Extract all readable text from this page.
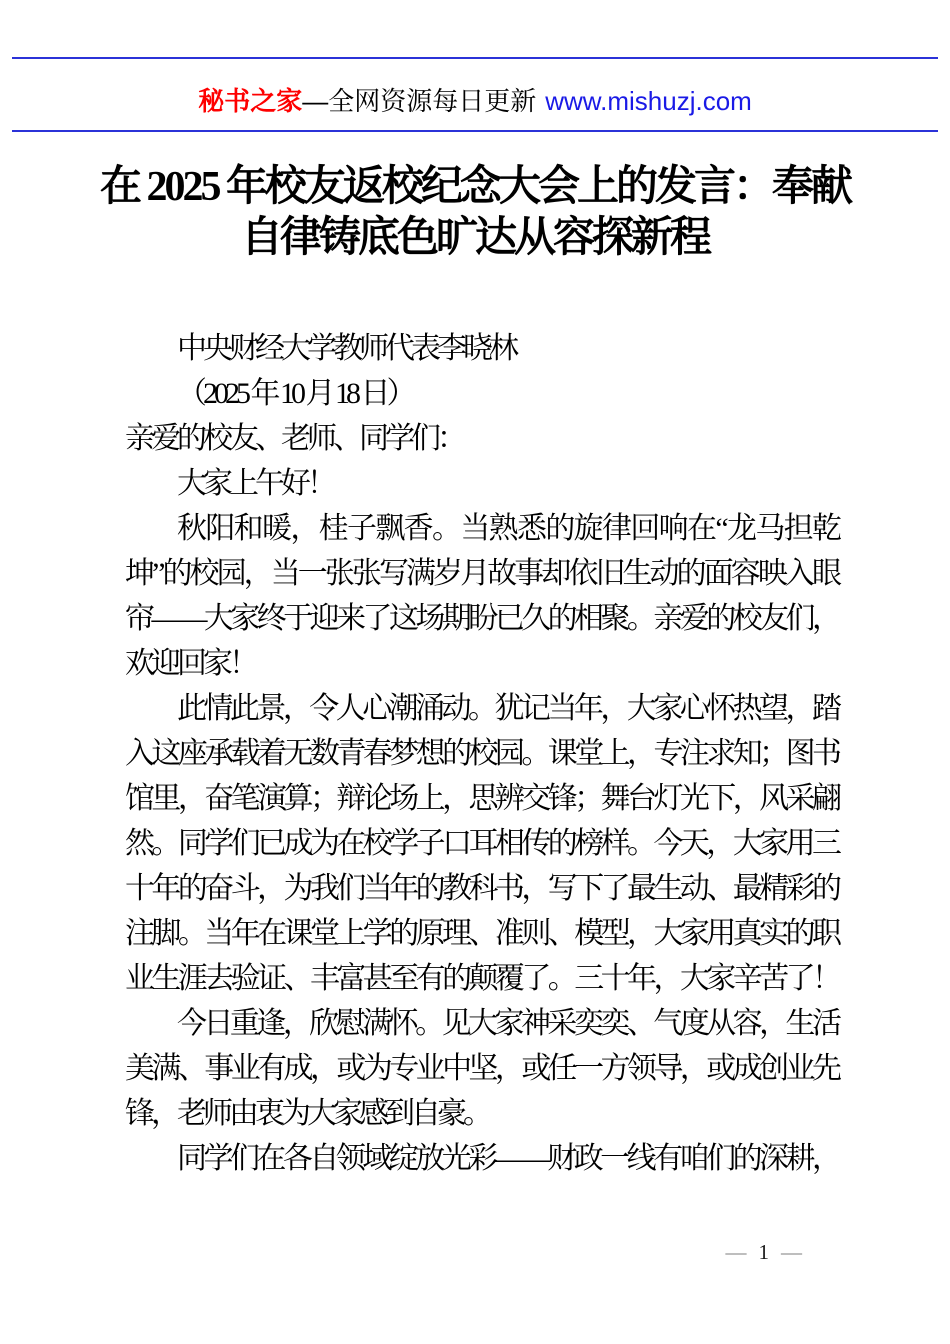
秘书之家—全网资源每日更新 www.mishuzj.com
在 2025 年校友返校纪念大会上的发言：奉献
自律铸底色旷达从容探新程
中央财经大学教师代表李晓林
（2025 年 10 月 18 日）
亲爱的校友、老师、同学们：
大家上午好！
秋阳和暖，桂子飘香。当熟悉的旋律回响在“龙马担乾
坤”的校园，当一张张写满岁月故事却依旧生动的面容映入眼
帘——大家终于迎来了这场期盼已久的相聚。亲爱的校友们，
欢迎回家！
此情此景，令人心潮涌动。犹记当年，大家心怀热望，踏
入这座承载着无数青春梦想的校园。课堂上，专注求知；图书
馆里，奋笔演算；辩论场上，思辨交锋；舞台灯光下，风采翩
然。同学们已成为在校学子口耳相传的榜样。今天，大家用三
十年的奋斗，为我们当年的教科书，写下了最生动、最精彩的
注脚。当年在课堂上学的原理、准则、模型，大家用真实的职
业生涯去验证、丰富甚至有的颠覆了。三十年，大家辛苦了！
今日重逢，欣慰满怀。见大家神采奕奕、气度从容，生活
美满、事业有成，或为专业中坚，或任一方领导，或成创业先
锋，老师由衷为大家感到自豪。
同学们在各自领域绽放光彩——财政一线有咱们的深耕，
— 1 —
